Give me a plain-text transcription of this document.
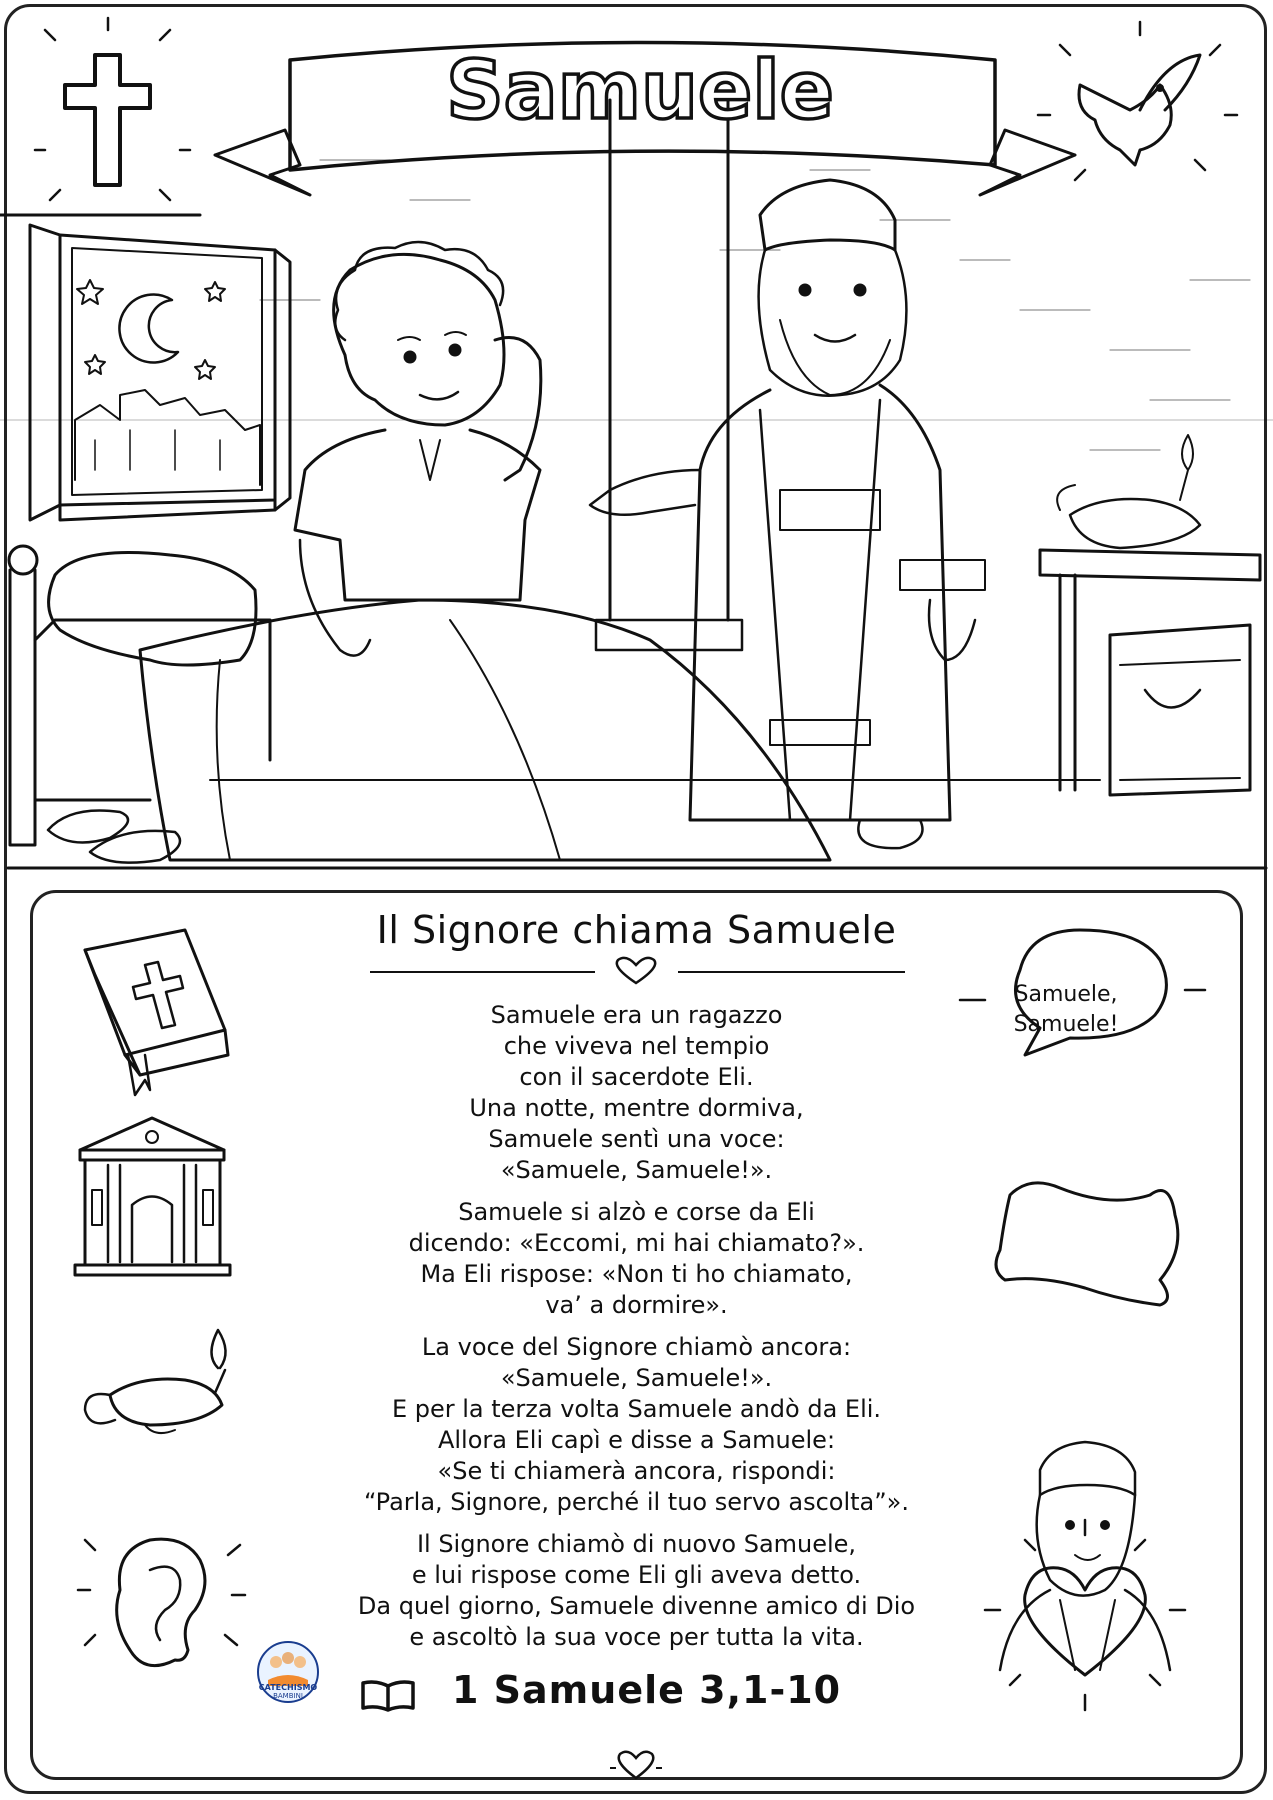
Samuele
Il Signore chiama Samuele

Samuele era un ragazzo
che viveva nel tempio
con il sacerdote Eli.
Una notte, mentre dormiva,
Samuele sentì una voce:
«Samuele, Samuele!».

Samuele si alzò e corse da Eli
dicendo: «Eccomi, mi hai chiamato?».
Ma Eli rispose: «Non ti ho chiamato,
va’ a dormire».

La voce del Signore chiamò ancora:
«Samuele, Samuele!».
E per la terza volta Samuele andò da Eli.
Allora Eli capì e disse a Samuele:
«Se ti chiamerà ancora, rispondi:
“Parla, Signore, perché il tuo servo ascolta”».

Il Signore chiamò di nuovo Samuele,
e lui rispose come Eli gli aveva detto.
Da quel giorno, Samuele divenne amico di Dio
e ascoltò la sua voce per tutta la vita.

Samuele,
Samuele!
CATECHISMO
BAMBINI	1 Samuele 3,1-10
